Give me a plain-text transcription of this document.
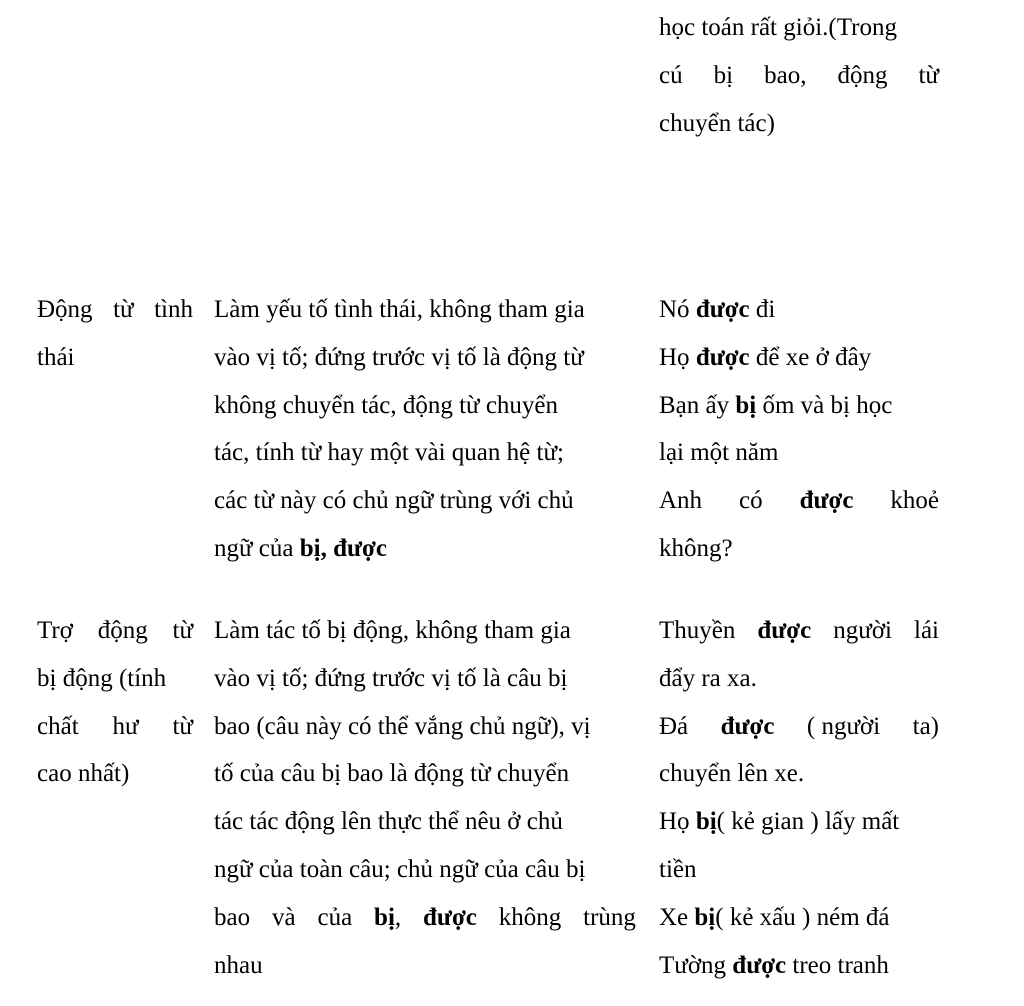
học toán rất giỏi.(Trong
cú bị bao, động từ
chuyển tác)
Động từ tình
thái
Làm yếu tố tình thái, không tham gia
vào vị tố; đứng trước vị tố là động từ
không chuyển tác, động từ chuyển
tác, tính từ hay một vài quan hệ từ;
các từ này có chủ ngữ trùng với chủ
ngữ của bị, được
Nó được đi
Họ được để xe ở đây
Bạn ấy bị ốm và bị học
lại một năm
Anh có được khoẻ
không?
Trợ động từ
bị động (tính
chất hư từ
cao nhất)
Làm tác tố bị động, không tham gia
vào vị tố; đứng trước vị tố là câu bị
bao (câu này có thể vắng chủ ngữ), vị
tố của câu bị bao là động từ chuyển
tác tác động lên thực thể nêu ở chủ
ngữ của toàn câu; chủ ngữ của câu bị
bao và của bị, được không trùng
nhau
Thuyền được người lái
đẩy ra xa.
Đá được ( người ta)
chuyển lên xe.
Họ bị( kẻ gian ) lấy mất
tiền
Xe bị( kẻ xấu ) ném đá
Tường được treo tranh
